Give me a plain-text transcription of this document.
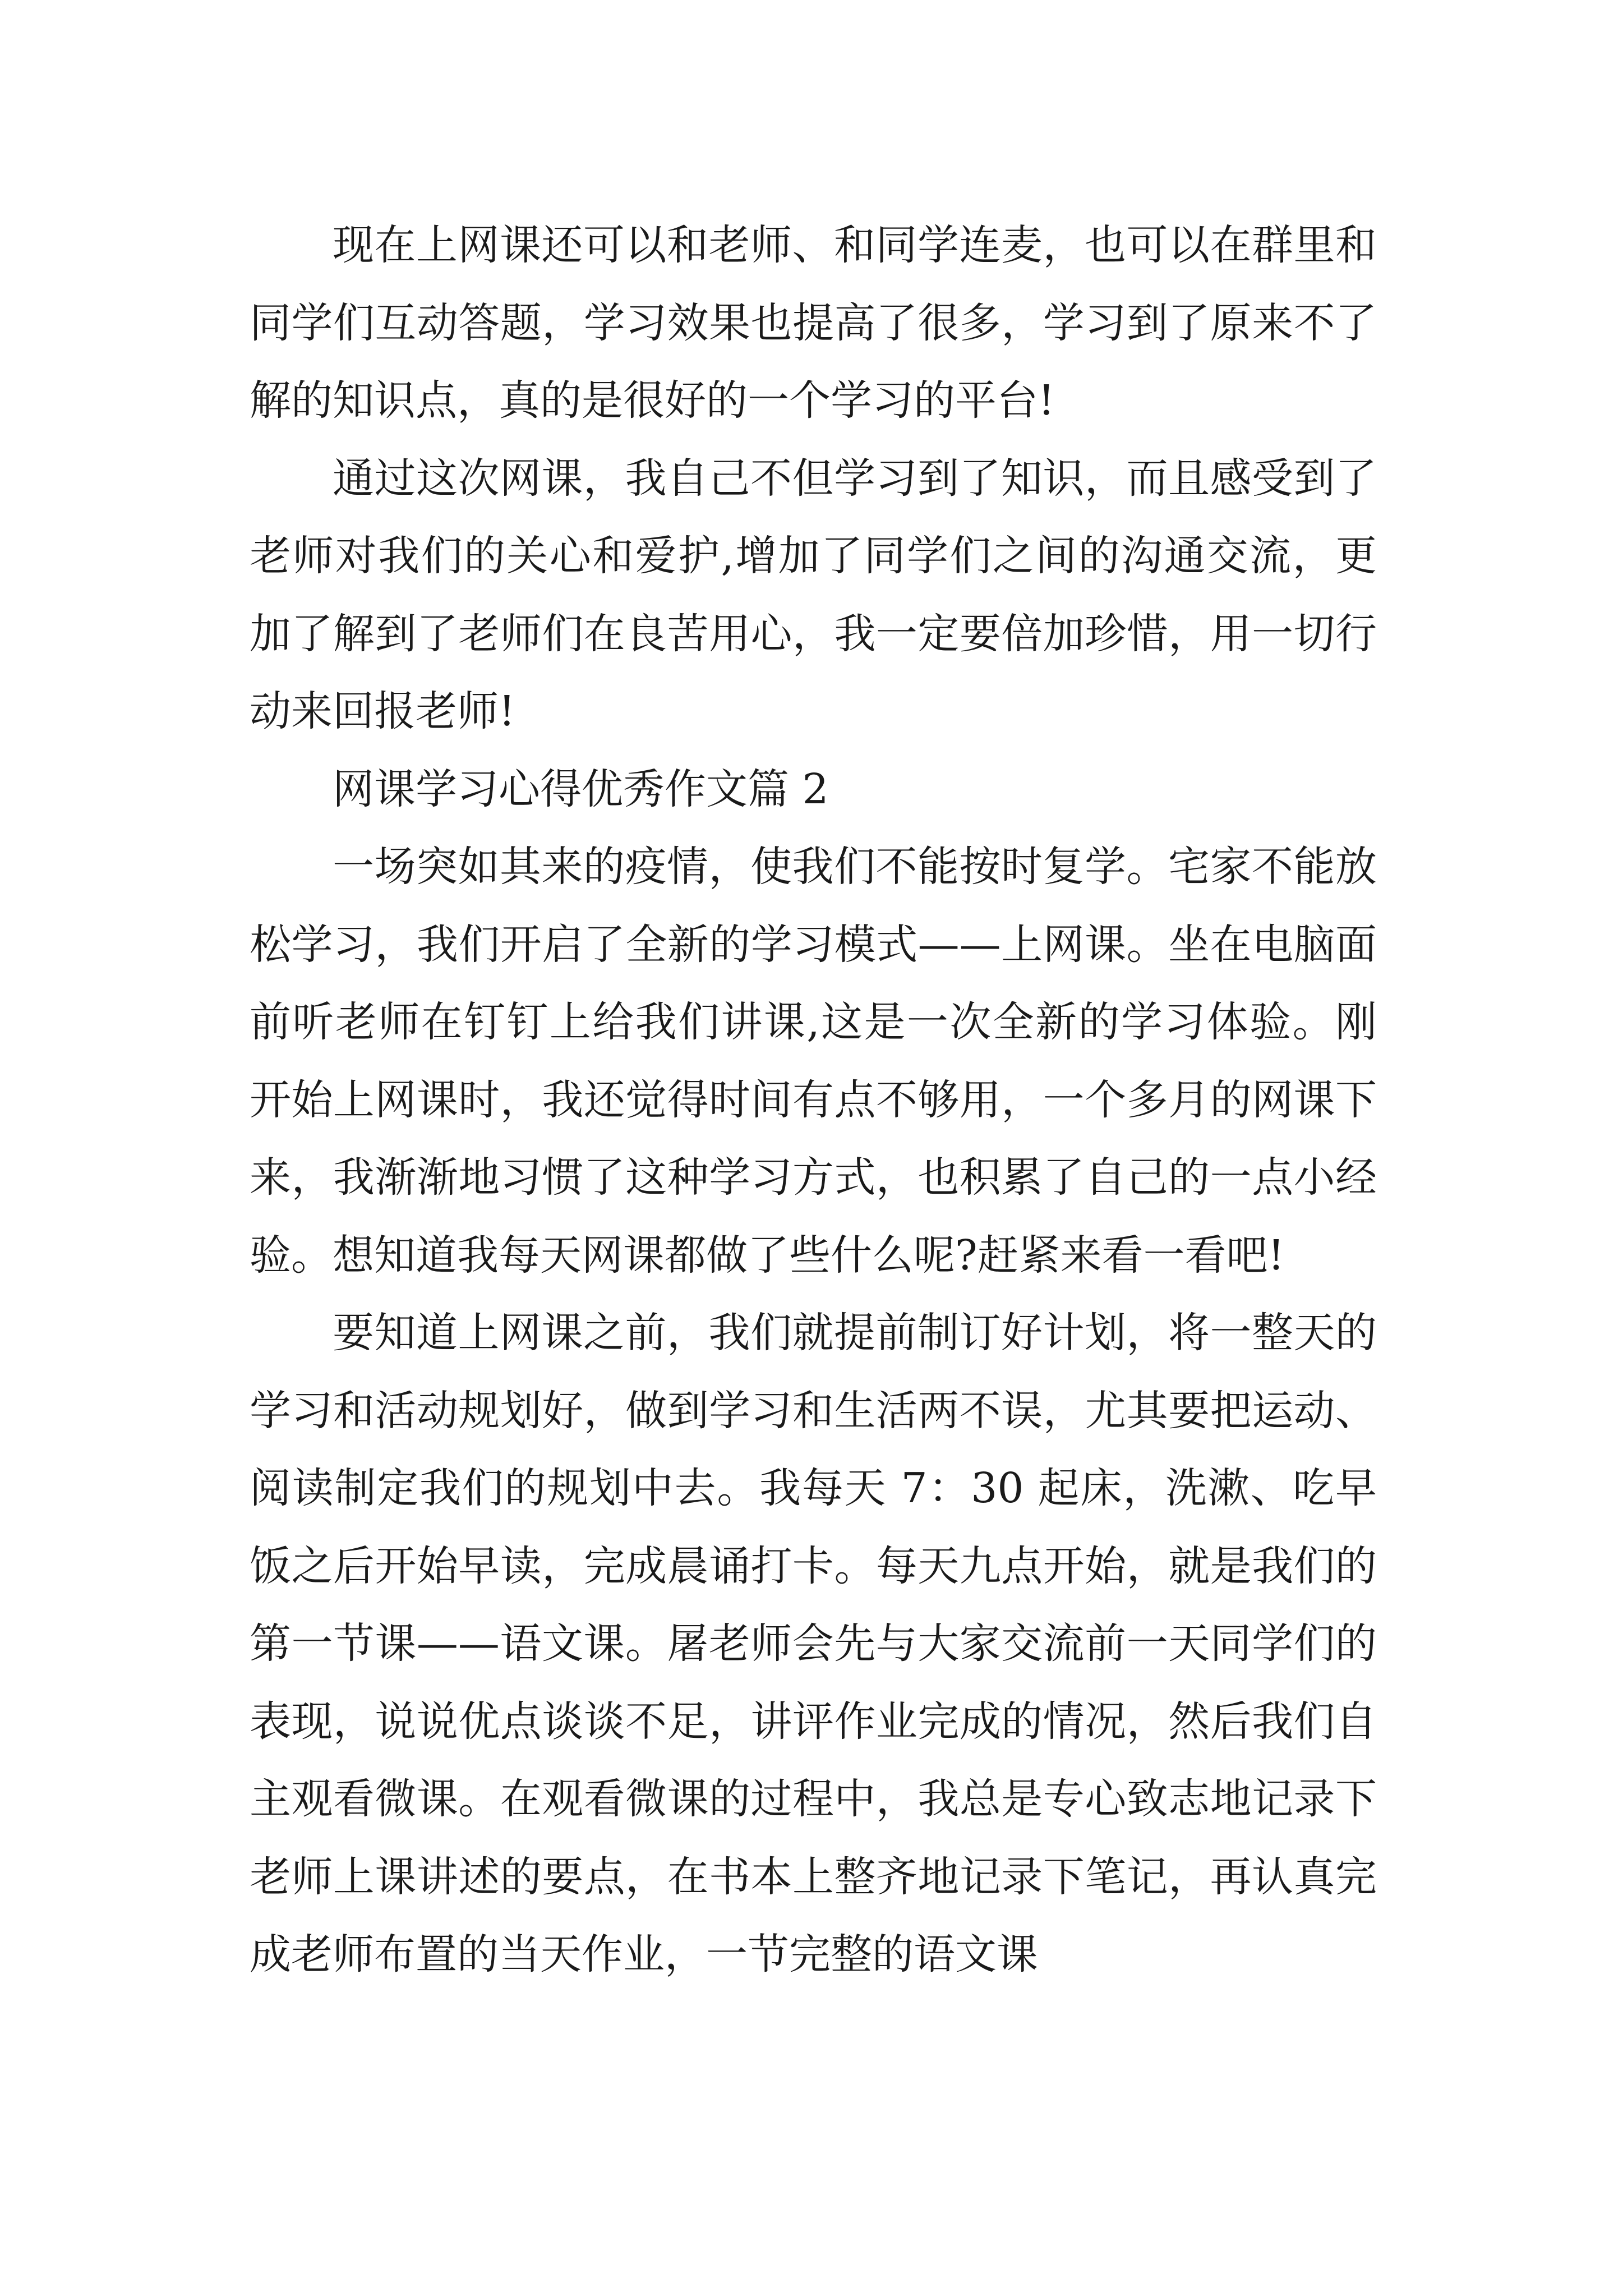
现在上网课还可以和老师、和同学连麦，也可以在群里和同学们互动答题，学习效果也提高了很多，学习到了原来不了解的知识点，真的是很好的一个学习的平台!

通过这次网课，我自己不但学习到了知识，而且感受到了老师对我们的关心和爱护,增加了同学们之间的沟通交流，更加了解到了老师们在良苦用心，我一定要倍加珍惜，用一切行动来回报老师!

网课学习心得优秀作文篇 2

一场突如其来的疫情，使我们不能按时复学。宅家不能放松学习，我们开启了全新的学习模式——上网课。坐在电脑面前听老师在钉钉上给我们讲课,这是一次全新的学习体验。刚开始上网课时，我还觉得时间有点不够用，一个多月的网课下来，我渐渐地习惯了这种学习方式，也积累了自己的一点小经验。想知道我每天网课都做了些什么呢?赶紧来看一看吧!

要知道上网课之前，我们就提前制订好计划，将一整天的学习和活动规划好，做到学习和生活两不误，尤其要把运动、阅读制定我们的规划中去。我每天 7：30 起床，洗漱、吃早饭之后开始早读，完成晨诵打卡。每天九点开始，就是我们的第一节课——语文课。屠老师会先与大家交流前一天同学们的表现，说说优点谈谈不足，讲评作业完成的情况，然后我们自主观看微课。在观看微课的过程中，我总是专心致志地记录下老师上课讲述的要点，在书本上整齐地记录下笔记，再认真完成老师布置的当天作业，一节完整的语文课
